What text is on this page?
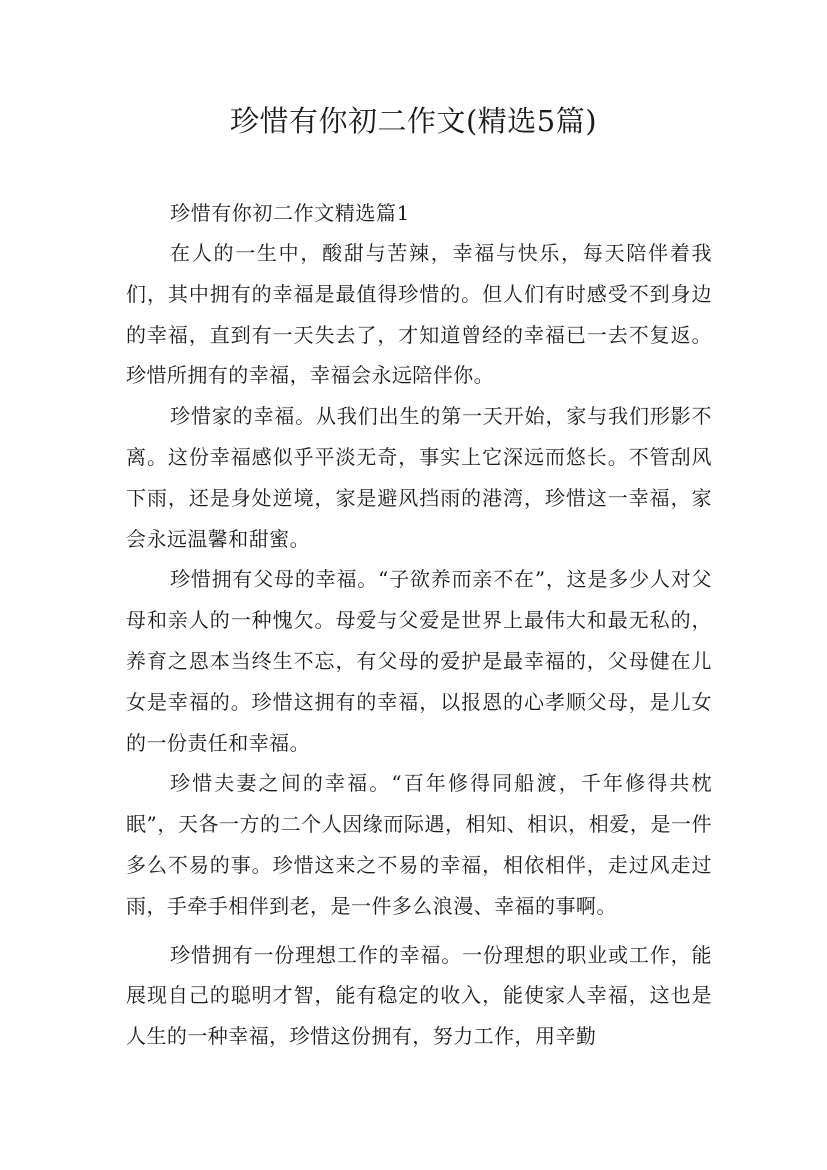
珍惜有你初二作文(精选5篇)

珍惜有你初二作文精选篇1

在人的一生中，酸甜与苦辣，幸福与快乐，每天陪伴着我们，其中拥有的幸福是最值得珍惜的。但人们有时感受不到身边的幸福，直到有一天失去了，才知道曾经的幸福已一去不复返。珍惜所拥有的幸福，幸福会永远陪伴你。

珍惜家的幸福。从我们出生的第一天开始，家与我们形影不离。这份幸福感似乎平淡无奇，事实上它深远而悠长。不管刮风下雨，还是身处逆境，家是避风挡雨的港湾，珍惜这一幸福，家会永远温馨和甜蜜。

珍惜拥有父母的幸福。“子欲养而亲不在”，这是多少人对父母和亲人的一种愧欠。母爱与父爱是世界上最伟大和最无私的，养育之恩本当终生不忘，有父母的爱护是最幸福的，父母健在儿女是幸福的。珍惜这拥有的幸福，以报恩的心孝顺父母，是儿女的一份责任和幸福。

珍惜夫妻之间的幸福。“百年修得同船渡，千年修得共枕眠”，天各一方的二个人因缘而际遇，相知、相识，相爱，是一件多么不易的事。珍惜这来之不易的幸福，相依相伴，走过风走过雨，手牵手相伴到老，是一件多么浪漫、幸福的事啊。

珍惜拥有一份理想工作的幸福。一份理想的职业或工作，能展现自己的聪明才智，能有稳定的收入，能使家人幸福，这也是人生的一种幸福，珍惜这份拥有，努力工作，用辛勤
